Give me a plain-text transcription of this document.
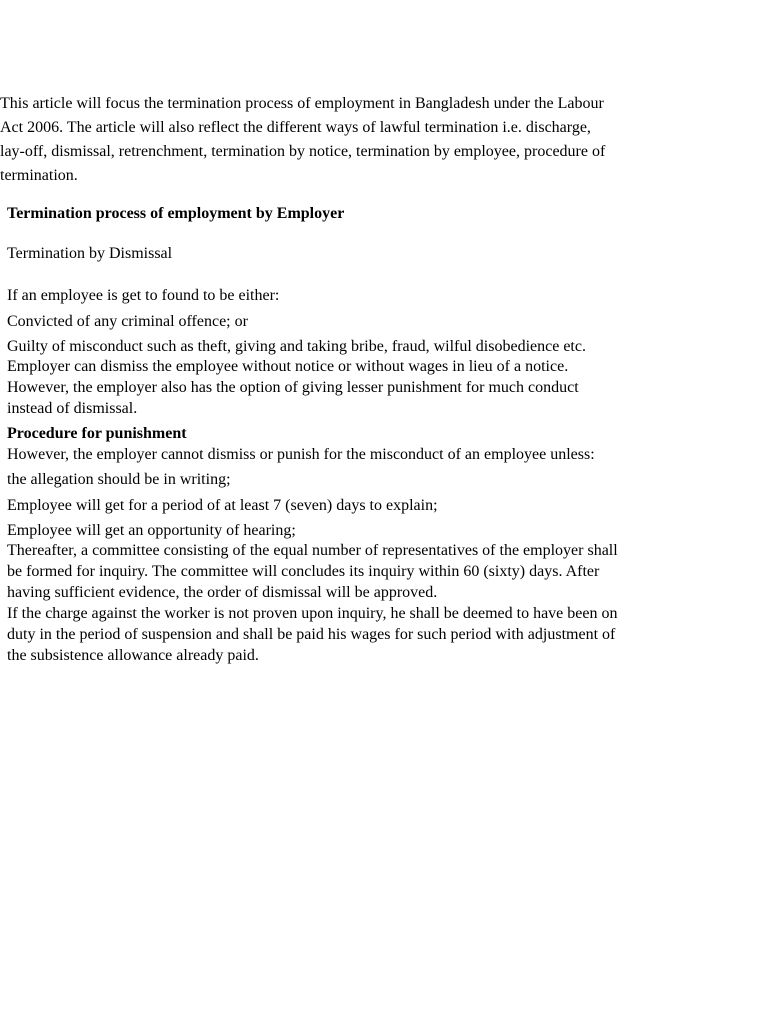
This article will focus the termination process of employment in Bangladesh under the Labour
Act 2006. The article will also reflect the different ways of lawful termination i.e. discharge,
lay-off, dismissal, retrenchment, termination by notice, termination by employee, procedure of
termination.
Termination process of employment by Employer
Termination by Dismissal
If an employee is get to found to be either:
Convicted of any criminal offence; or
Guilty of misconduct such as theft, giving and taking bribe, fraud, wilful disobedience etc.
Employer can dismiss the employee without notice or without wages in lieu of a notice.
However, the employer also has the option of giving lesser punishment for much conduct
instead of dismissal.
Procedure for punishment
However, the employer cannot dismiss or punish for the misconduct of an employee unless:
the allegation should be in writing;
Employee will get for a period of at least 7 (seven) days to explain;
Employee will get an opportunity of hearing;
Thereafter, a committee consisting of the equal number of representatives of the employer shall
be formed for inquiry. The committee will concludes its inquiry within 60 (sixty) days. After
having sufficient evidence, the order of dismissal will be approved.
If the charge against the worker is not proven upon inquiry, he shall be deemed to have been on
duty in the period of suspension and shall be paid his wages for such period with adjustment of
the subsistence allowance already paid.
